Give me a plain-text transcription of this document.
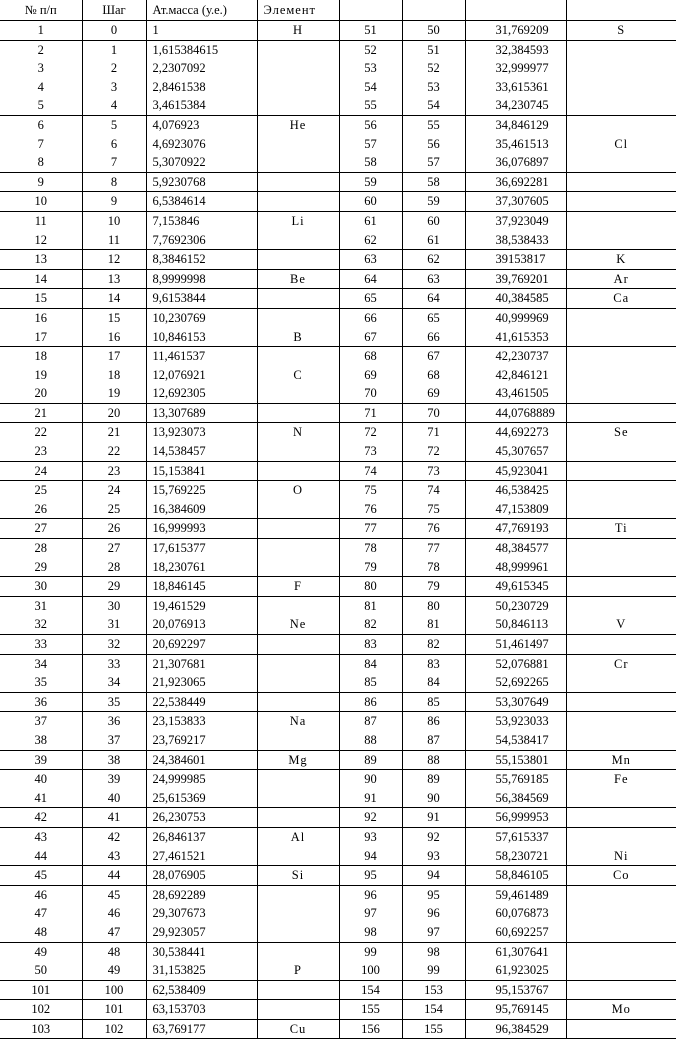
№ п/п	Шаг	Ат.масса (у.е.)	Элемент				
1	0	1	H	51	50	31,769209	S
2	1	1,615384615		52	51	32,384593	
3	2	2,2307092		53	52	32,999977	
4	3	2,8461538		54	53	33,615361	
5	4	3,4615384		55	54	34,230745	
6	5	4,076923	He	56	55	34,846129	
7	6	4,6923076		57	56	35,461513	Cl
8	7	5,3070922		58	57	36,076897	
9	8	5,9230768		59	58	36,692281	
10	9	6,5384614		60	59	37,307605	
11	10	7,153846	Li	61	60	37,923049	
12	11	7,7692306		62	61	38,538433	
13	12	8,3846152		63	62	39153817	K
14	13	8,9999998	Be	64	63	39,769201	Ar
15	14	9,6153844		65	64	40,384585	Ca
16	15	10,230769		66	65	40,999969	
17	16	10,846153	B	67	66	41,615353	
18	17	11,461537		68	67	42,230737	
19	18	12,076921	C	69	68	42,846121	
20	19	12,692305		70	69	43,461505	
21	20	13,307689		71	70	44,0768889	
22	21	13,923073	N	72	71	44,692273	Se
23	22	14,538457		73	72	45,307657	
24	23	15,153841		74	73	45,923041	
25	24	15,769225	O	75	74	46,538425	
26	25	16,384609		76	75	47,153809	
27	26	16,999993		77	76	47,769193	Ti
28	27	17,615377		78	77	48,384577	
29	28	18,230761		79	78	48,999961	
30	29	18,846145	F	80	79	49,615345	
31	30	19,461529		81	80	50,230729	
32	31	20,076913	Ne	82	81	50,846113	V
33	32	20,692297		83	82	51,461497	
34	33	21,307681		84	83	52,076881	Cr
35	34	21,923065		85	84	52,692265	
36	35	22,538449		86	85	53,307649	
37	36	23,153833	Na	87	86	53,923033	
38	37	23,769217		88	87	54,538417	
39	38	24,384601	Mg	89	88	55,153801	Mn
40	39	24,999985		90	89	55,769185	Fe
41	40	25,615369		91	90	56,384569	
42	41	26,230753		92	91	56,999953	
43	42	26,846137	Al	93	92	57,615337	
44	43	27,461521		94	93	58,230721	Ni
45	44	28,076905	Si	95	94	58,846105	Co
46	45	28,692289		96	95	59,461489	
47	46	29,307673		97	96	60,076873	
48	47	29,923057		98	97	60,692257	
49	48	30,538441		99	98	61,307641	
50	49	31,153825	P	100	99	61,923025	
101	100	62,538409		154	153	95,153767	
102	101	63,153703		155	154	95,769145	Mo
103	102	63,769177	Cu	156	155	96,384529	
